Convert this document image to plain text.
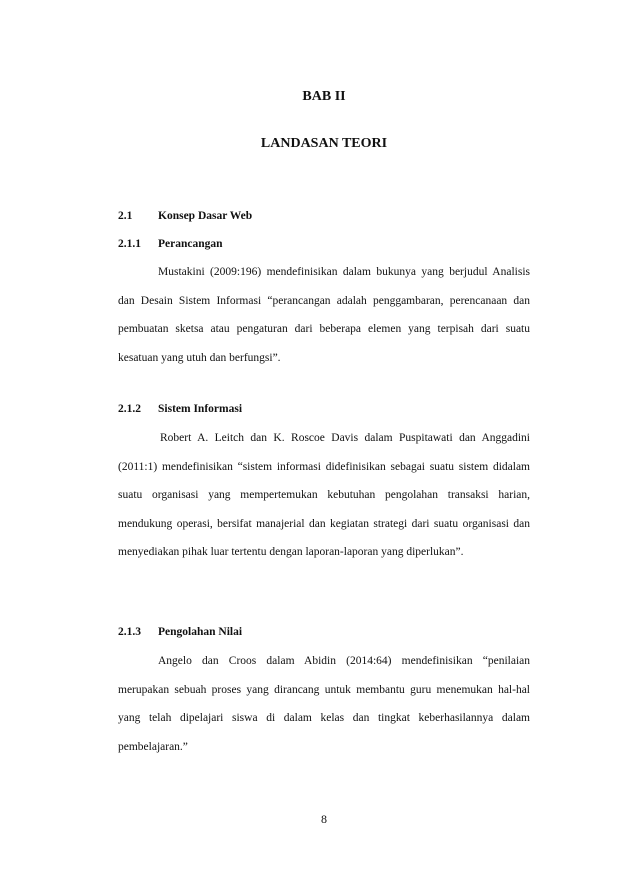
BAB II
LANDASAN TEORI
2.1 Konsep Dasar Web
2.1.1 Perancangan
Mustakini (2009:196) mendefinisikan dalam bukunya yang berjudul Analisis dan Desain Sistem Informasi “perancangan adalah penggambaran, perencanaan dan pembuatan sketsa atau pengaturan dari beberapa elemen yang terpisah dari suatu kesatuan yang utuh dan berfungsi”.
2.1.2 Sistem Informasi
Robert A. Leitch dan K. Roscoe Davis dalam Puspitawati dan Anggadini (2011:1) mendefinisikan “sistem informasi didefinisikan sebagai suatu sistem didalam suatu organisasi yang mempertemukan kebutuhan pengolahan transaksi harian, mendukung operasi, bersifat manajerial dan kegiatan strategi dari suatu organisasi dan menyediakan pihak luar tertentu dengan laporan-laporan yang diperlukan”.
2.1.3 Pengolahan Nilai
Angelo dan Croos dalam Abidin (2014:64) mendefinisikan “penilaian merupakan sebuah proses yang dirancang untuk membantu guru menemukan hal-hal yang telah dipelajari siswa di dalam kelas dan tingkat keberhasilannya dalam pembelajaran.”
8
